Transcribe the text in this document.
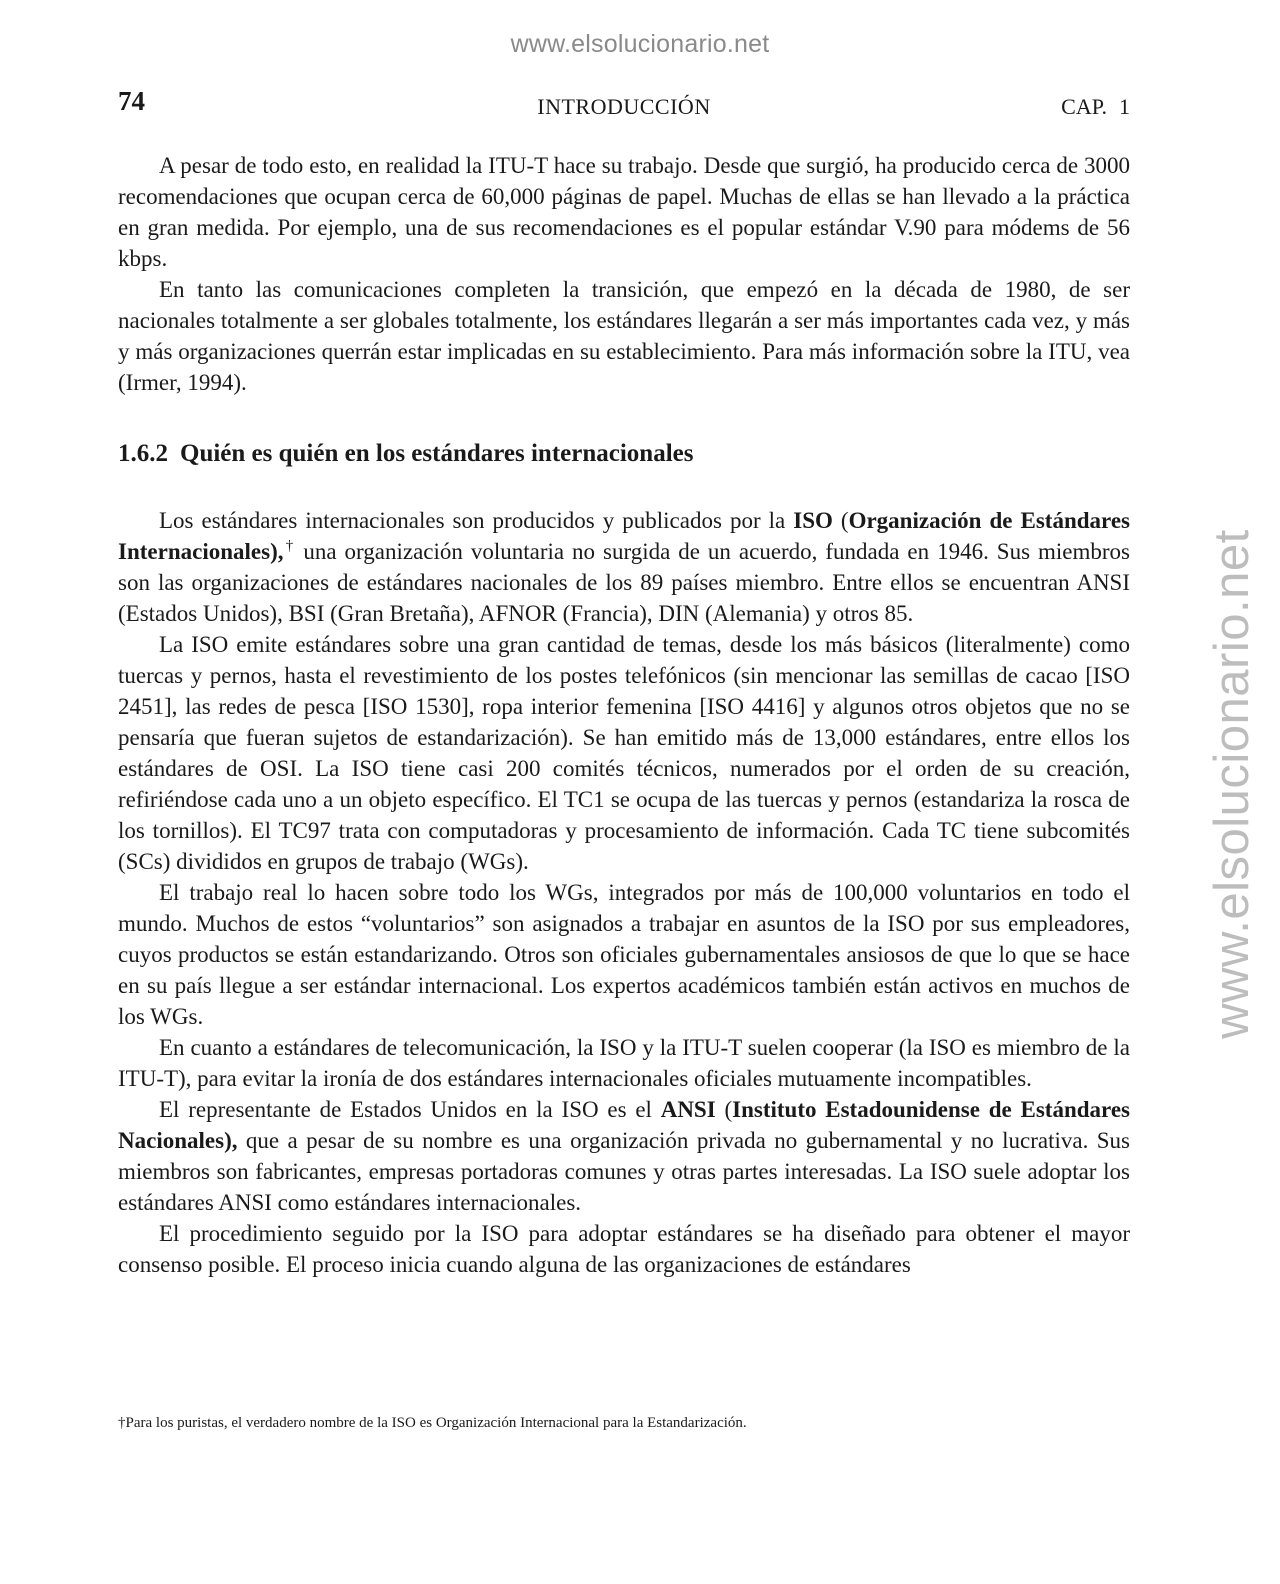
www.elsolucionario.net
www.elsolucionario.net
74	INTRODUCCIÓN	CAP. 1

A pesar de todo esto, en realidad la ITU-T hace su trabajo. Desde que surgió, ha producido cerca de 3000 recomendaciones que ocupan cerca de 60,000 páginas de papel. Muchas de ellas se han llevado a la práctica en gran medida. Por ejemplo, una de sus recomendaciones es el popular estándar V.90 para módems de 56 kbps.

En tanto las comunicaciones completen la transición, que empezó en la década de 1980, de ser nacionales totalmente a ser globales totalmente, los estándares llegarán a ser más importantes cada vez, y más y más organizaciones querrán estar implicadas en su establecimiento. Para más información sobre la ITU, vea (Irmer, 1994).

1.6.2 Quién es quién en los estándares internacionales

Los estándares internacionales son producidos y publicados por la ISO (Organización de Estándares Internacionales),† una organización voluntaria no surgida de un acuerdo, fundada en 1946. Sus miembros son las organizaciones de estándares nacionales de los 89 países miembro. Entre ellos se encuentran ANSI (Estados Unidos), BSI (Gran Bretaña), AFNOR (Francia), DIN (Alemania) y otros 85.

La ISO emite estándares sobre una gran cantidad de temas, desde los más básicos (literalmente) como tuercas y pernos, hasta el revestimiento de los postes telefónicos (sin mencionar las semillas de cacao [ISO 2451], las redes de pesca [ISO 1530], ropa interior femenina [ISO 4416] y algunos otros objetos que no se pensaría que fueran sujetos de estandarización). Se han emitido más de 13,000 estándares, entre ellos los estándares de OSI. La ISO tiene casi 200 comités técnicos, numerados por el orden de su creación, refiriéndose cada uno a un objeto específico. El TC1 se ocupa de las tuercas y pernos (estandariza la rosca de los tornillos). El TC97 trata con computadoras y procesamiento de información. Cada TC tiene subcomités (SCs) divididos en grupos de trabajo (WGs).

El trabajo real lo hacen sobre todo los WGs, integrados por más de 100,000 voluntarios en todo el mundo. Muchos de estos “voluntarios” son asignados a trabajar en asuntos de la ISO por sus empleadores, cuyos productos se están estandarizando. Otros son oficiales gubernamentales ansiosos de que lo que se hace en su país llegue a ser estándar internacional. Los expertos académicos también están activos en muchos de los WGs.

En cuanto a estándares de telecomunicación, la ISO y la ITU-T suelen cooperar (la ISO es miembro de la ITU-T), para evitar la ironía de dos estándares internacionales oficiales mutuamente incompatibles.

El representante de Estados Unidos en la ISO es el ANSI (Instituto Estadounidense de Estándares Nacionales), que a pesar de su nombre es una organización privada no gubernamental y no lucrativa. Sus miembros son fabricantes, empresas portadoras comunes y otras partes interesadas. La ISO suele adoptar los estándares ANSI como estándares internacionales.

El procedimiento seguido por la ISO para adoptar estándares se ha diseñado para obtener el mayor consenso posible. El proceso inicia cuando alguna de las organizaciones de estándares

†Para los puristas, el verdadero nombre de la ISO es Organización Internacional para la Estandarización.
